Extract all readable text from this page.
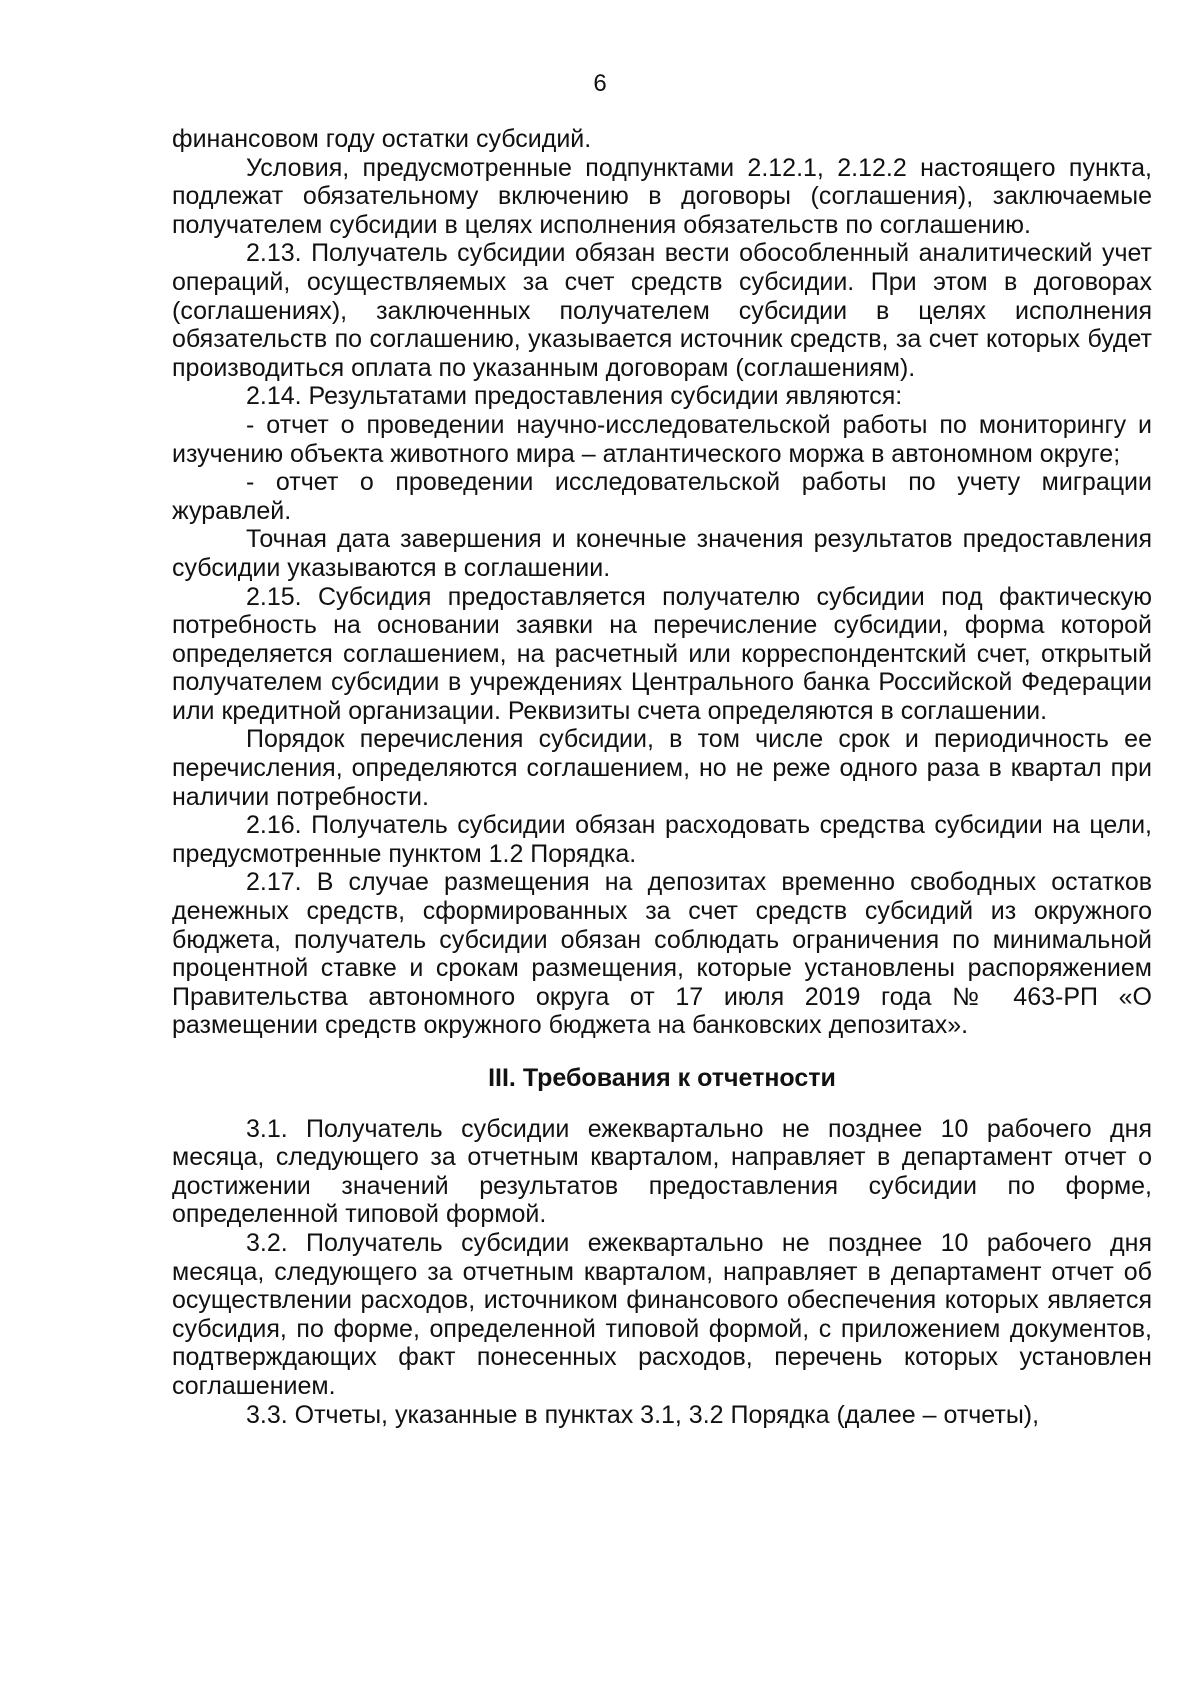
6

финансовом году остатки субсидий.

Условия, предусмотренные подпунктами 2.12.1, 2.12.2 настоящего пункта, подлежат обязательному включению в договоры (соглашения), заключаемые получателем субсидии в целях исполнения обязательств по соглашению.

2.13. Получатель субсидии обязан вести обособленный аналитический учет операций, осуществляемых за счет средств субсидии. При этом в договорах (соглашениях), заключенных получателем субсидии в целях исполнения обязательств по соглашению, указывается источник средств, за счет которых будет производиться оплата по указанным договорам (соглашениям).

2.14. Результатами предоставления субсидии являются:

- отчет о проведении научно-исследовательской работы по мониторингу и изучению объекта животного мира – атлантического моржа в автономном округе;

- отчет о проведении исследовательской работы по учету миграции журавлей.

Точная дата завершения и конечные значения результатов предоставления субсидии указываются в соглашении.

2.15. Субсидия предоставляется получателю субсидии под фактическую потребность на основании заявки на перечисление субсидии, форма которой определяется соглашением, на расчетный или корреспондентский счет, открытый получателем субсидии в учреждениях Центрального банка Российской Федерации или кредитной организации. Реквизиты счета определяются в соглашении.

Порядок перечисления субсидии, в том числе срок и периодичность ее перечисления, определяются соглашением, но не реже одного раза в квартал при наличии потребности.

2.16. Получатель субсидии обязан расходовать средства субсидии на цели, предусмотренные пунктом 1.2 Порядка.

2.17. В случае размещения на депозитах временно свободных остатков денежных средств, сформированных за счет средств субсидий из окружного бюджета, получатель субсидии обязан соблюдать ограничения по минимальной процентной ставке и срокам размещения, которые установлены распоряжением Правительства автономного округа от 17 июля 2019 года № 463-РП «О размещении средств окружного бюджета на банковских депозитах».

III. Требования к отчетности

3.1. Получатель субсидии ежеквартально не позднее 10 рабочего дня месяца, следующего за отчетным кварталом, направляет в департамент отчет о достижении значений результатов предоставления субсидии по форме, определенной типовой формой.

3.2. Получатель субсидии ежеквартально не позднее 10 рабочего дня месяца, следующего за отчетным кварталом, направляет в департамент отчет об осуществлении расходов, источником финансового обеспечения которых является субсидия, по форме, определенной типовой формой, с приложением документов, подтверждающих факт понесенных расходов, перечень которых установлен соглашением.

3.3. Отчеты, указанные в пунктах 3.1, 3.2 Порядка (далее – отчеты),
